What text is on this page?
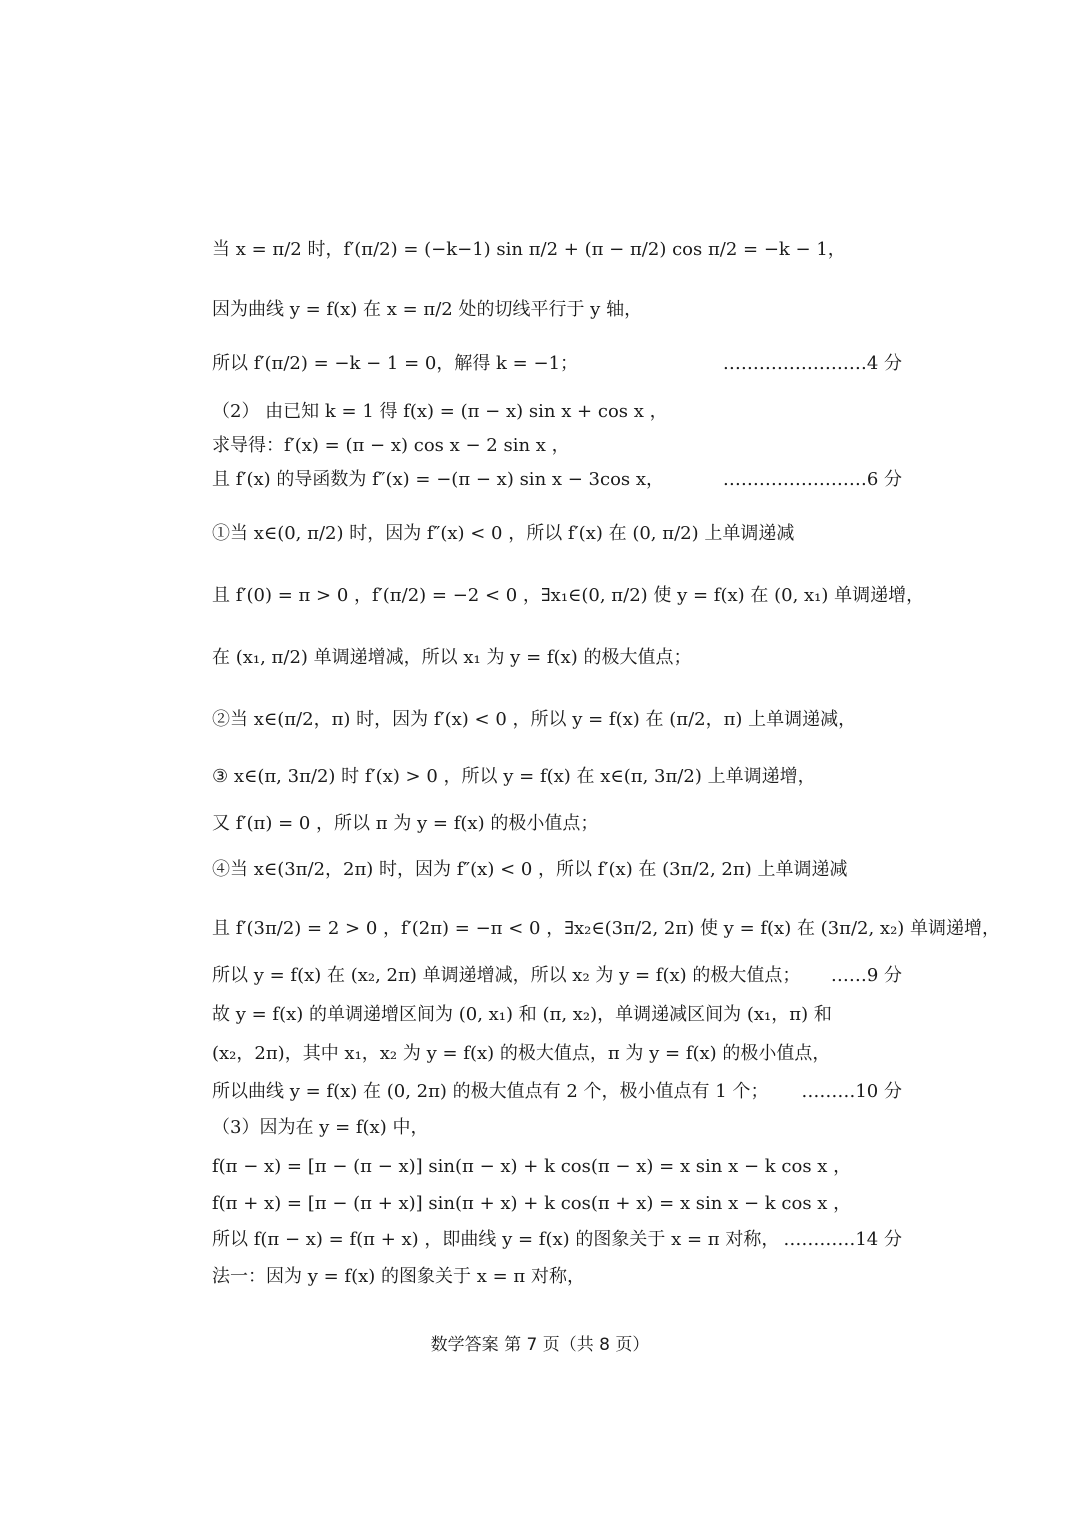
当 x = π/2 时，f′(π/2) = (−k−1) sin π/2 + (π − π/2) cos π/2 = −k − 1，
因为曲线 y = f(x) 在 x = π/2 处的切线平行于 y 轴，
所以 f′(π/2) = −k − 1 = 0，解得 k = −1；	……………………4 分
（2） 由已知 k = 1 得 f(x) = (π − x) sin x + cos x ，
求导得：f′(x) = (π − x) cos x − 2 sin x ，
且 f′(x) 的导函数为 f″(x) = −(π − x) sin x − 3cos x，	……………………6 分
①当 x∈(0, π/2) 时，因为 f″(x) < 0 ，所以 f′(x) 在 (0, π/2) 上单调递减
且 f′(0) = π > 0 ，f′(π/2) = −2 < 0 ，∃x₁∈(0, π/2) 使 y = f(x) 在 (0, x₁) 单调递增，
在 (x₁, π/2) 单调递增减，所以 x₁ 为 y = f(x) 的极大值点；
②当 x∈(π/2，π) 时，因为 f′(x) < 0 ，所以 y = f(x) 在 (π/2，π) 上单调递减，
③ x∈(π, 3π/2) 时 f′(x) > 0 ，所以 y = f(x) 在 x∈(π, 3π/2) 上单调递增，
又 f′(π) = 0 ，所以 π 为 y = f(x) 的极小值点；
④当 x∈(3π/2，2π) 时，因为 f″(x) < 0 ，所以 f′(x) 在 (3π/2, 2π) 上单调递减
且 f′(3π/2) = 2 > 0 ，f′(2π) = −π < 0 ，∃x₂∈(3π/2, 2π) 使 y = f(x) 在 (3π/2, x₂) 单调递增，
所以 y = f(x) 在 (x₂, 2π) 单调递增减，所以 x₂ 为 y = f(x) 的极大值点； ……9 分
故 y = f(x) 的单调递增区间为 (0, x₁) 和 (π, x₂)，单调递减区间为 (x₁，π) 和
(x₂，2π)，其中 x₁，x₂ 为 y = f(x) 的极大值点，π 为 y = f(x) 的极小值点，
所以曲线 y = f(x) 在 (0, 2π) 的极大值点有 2 个，极小值点有 1 个； ………10 分
（3）因为在 y = f(x) 中，
f(π − x) = [π − (π − x)] sin(π − x) + k cos(π − x) = x sin x − k cos x ，
f(π + x) = [π − (π + x)] sin(π + x) + k cos(π + x) = x sin x − k cos x ，
所以 f(π − x) = f(π + x) ，即曲线 y = f(x) 的图象关于 x = π 对称， …………14 分
法一：因为 y = f(x) 的图象关于 x = π 对称，
数学答案 第 7 页（共 8 页）
